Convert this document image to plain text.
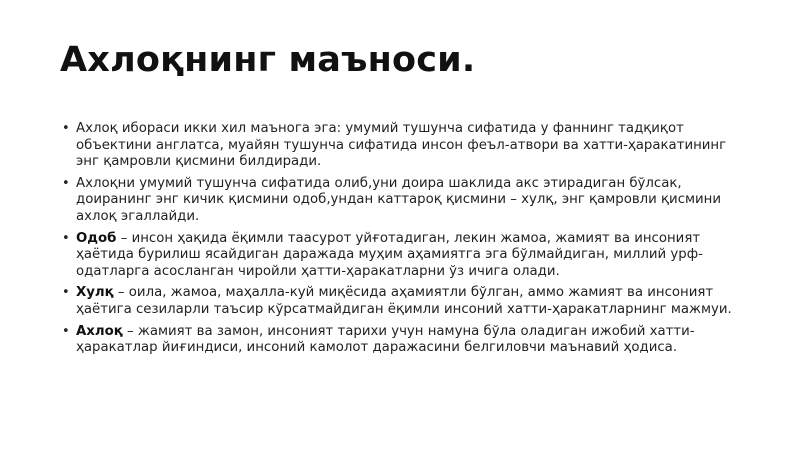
Ахлоқнинг маъноси.
• Ахлоқ ибораси икки хил маънога эга: умумий тушунча сифатида у фаннинг тадқиқот объектини англатса, муайян тушунча сифатида инсон феъл-атвори ва хатти-ҳаракатининг энг қамровли қисмини билдиради.
• Ахлоқни умумий тушунча сифатида олиб,уни доира шаклида акс этирадиган бўлсак, доиранинг энг кичик қисмини одоб,ундан каттароқ қисмини – хулқ, энг қамровли қисмини ахлоқ эгаллайди.
• Одоб – инсон ҳақида ёқимли таасурот уйғотадиган, лекин жамоа, жамият ва инсоният ҳаётида бурилиш ясайдиган даражада муҳим аҳамиятга эга бўлмайдиган, миллий урф-одатларга асосланган чиройли ҳатти-ҳаракатларни ўз ичига олади.
• Хулқ – оила, жамоа, маҳалла-куй миқёсида аҳамиятли бўлган, аммо жамият ва инсоният ҳаётига сезиларли таъсир кўрсатмайдиган ёқимли инсоний хатти-ҳаракатларнинг мажмуи.
• Ахлоқ – жамият ва замон, инсоният тарихи учун намуна бўла оладиган ижобий хатти-ҳаракатлар йиғиндиси, инсоний камолот даражасини белгиловчи маънавий ҳодиса.
